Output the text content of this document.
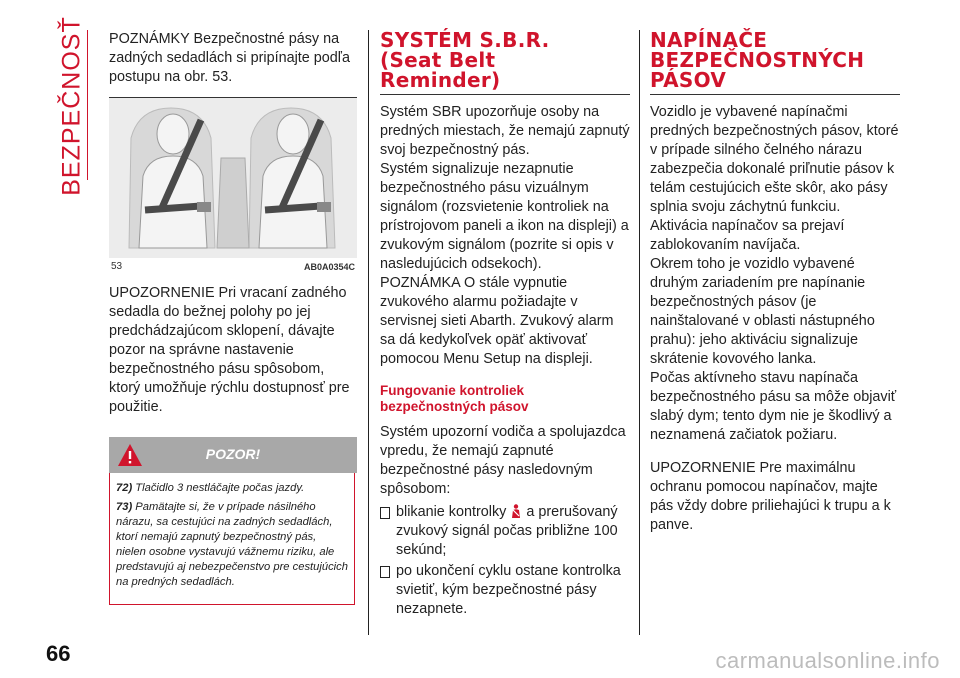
BEZPEČNOSŤ POZNÁMKY Bezpečnostné pásy na zadných sedadlách si pripínajte podľa postupu na obr. 53.

53	AB0A0354C

UPOZORNENIE Pri vracaní zadného sedadla do bežnej polohy po jej predchádzajúcom sklopení, dávajte pozor na správne nastavenie bezpečnostného pásu spôsobom, ktorý umožňuje rýchlu dostupnosť pre použitie.

POZOR!

72) Tlačidlo 3 nestláčajte počas jazdy.

73) Pamätajte si, že v prípade násilného nárazu, sa cestujúci na zadných sedadlách, ktorí nemajú zapnutý bezpečnostný pás, nielen osobne vystavujú vážnemu riziku, ale predstavujú aj nebezpečenstvo pre cestujúcich na predných sedadlách.

SYSTÉM S.B.R.
(Seat Belt
Reminder)

Systém SBR upozorňuje osoby na predných miestach, že nemajú zapnutý svoj bezpečnostný pás.

Systém signalizuje nezapnutie bezpečnostného pásu vizuálnym signálom (rozsvietenie kontroliek na prístrojovom paneli a ikon na displeji) a zvukovým signálom (pozrite si opis v nasledujúcich odsekoch).

POZNÁMKA O stále vypnutie zvukového alarmu požiadajte v servisnej sieti Abarth. Zvukový alarm sa dá kedykoľvek opäť aktivovať pomocou Menu Setup na displeji.

Fungovanie kontroliek bezpečnostných pásov

Systém upozorní vodiča a spolujazdca vpredu, že nemajú zapnuté bezpečnostné pásy nasledovným spôsobom:

blikanie kontrolky  a prerušovaný zvukový signál počas približne 100 sekúnd;
po ukončení cyklu ostane kontrolka svietiť, kým bezpečnostné pásy nezapnete.
NAPÍNAČE
BEZPEČNOSTNÝCH
PÁSOV

Vozidlo je vybavené napínačmi predných bezpečnostných pásov, ktoré v prípade silného čelného nárazu zabezpečia dokonalé priľnutie pásov k telám cestujúcich ešte skôr, ako pásy splnia svoju záchytnú funkciu.

Aktivácia napínačov sa prejaví zablokovaním navíjača.

Okrem toho je vozidlo vybavené druhým zariadením pre napínanie bezpečnostných pásov (je nainštalované v oblasti nástupného prahu): jeho aktiváciu signalizuje skrátenie kovového lanka.

Počas aktívneho stavu napínača bezpečnostného pásu sa môže objaviť slabý dym; tento dym nie je škodlivý a neznamená začiatok požiaru.

UPOZORNENIE Pre maximálnu ochranu pomocou napínačov, majte pás vždy dobre priliehajúci k trupu a k panve.

66	carmanualsonline.info
